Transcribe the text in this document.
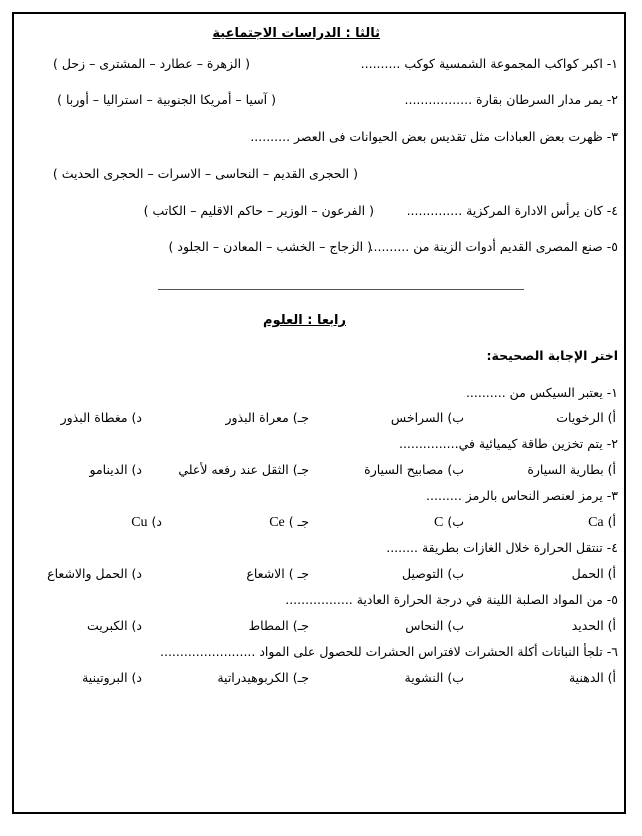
ثالثا : الدراسات الاجتماعية
١- اكبر كواكب المجموعة الشمسية كوكب ..........
( الزهرة – عطارد – المشترى – زحل )
٢- يمر مدار السرطان بقارة .................
( آسيا – أمريكا الجنوبية – استراليا – أوربا )
٣- ظهرت بعض العبادات مثل تقديس بعض الحيوانات فى العصر ..........
( الحجرى القديم – النحاسى – الاسرات – الحجرى الحديث )
٤- كان يرأس الادارة المركزية ..............
( الفرعون – الوزير – حاكم الاقليم – الكاتب )
٥- صنع المصرى القديم أدوات الزينة من ..........
( الزجاج – الخشب – المعادن – الجلود )
رابعا : العلوم
اختر الإجابة الصحيحة:
١- يعتبر السيكس من ..........
أ) الرخويات
ب) السراخس
جـ) معراة البذور
د) مغطاة البذور
٢- يتم تخزين طاقة كيميائية في...............
أ) بطارية السيارة
ب) مصابيح السيارة
جـ) الثقل عند رفعه لأعلي
د) الدينامو
٣- يرمز لعنصر النحاس بالرمز .........
أ) Ca
ب) C
جـ ) Ce
د) Cu
٤- تنتقل الحرارة خلال الغازات بطريقة ........
أ) الحمل
ب) التوصيل
جـ ) الاشعاع
د) الحمل والاشعاع
٥- من المواد الصلبة اللينة في درجة الحرارة العادية .................
أ) الحديد
ب) النحاس
جـ) المطاط
د) الكبريت
٦- تلجأ النباتات أكلة الحشرات لافتراس الحشرات للحصول على المواد ........................
أ) الدهنية
ب) النشوية
جـ) الكربوهيدراتية
د) البروتينية
